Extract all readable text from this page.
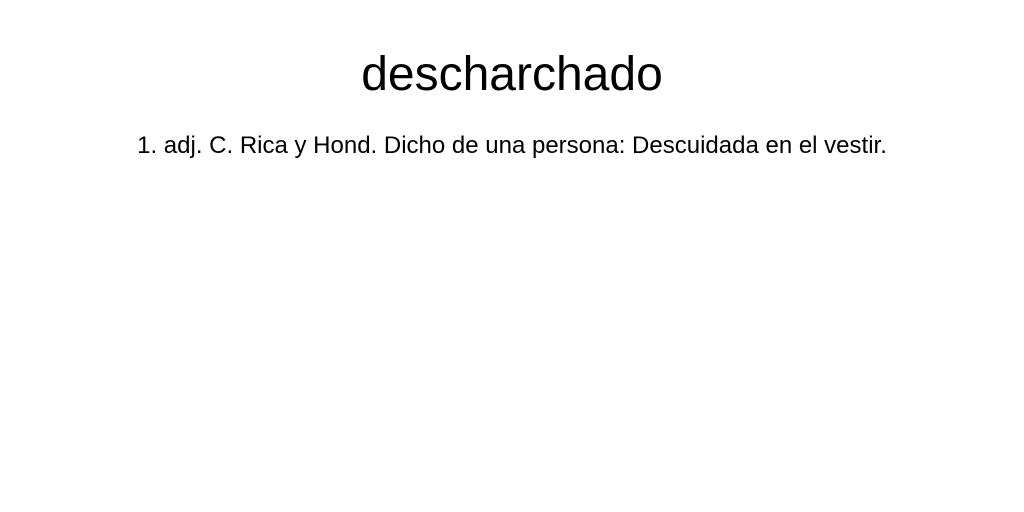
descharchado

1. adj. C. Rica y Hond. Dicho de una persona: Descuidada en el vestir.
